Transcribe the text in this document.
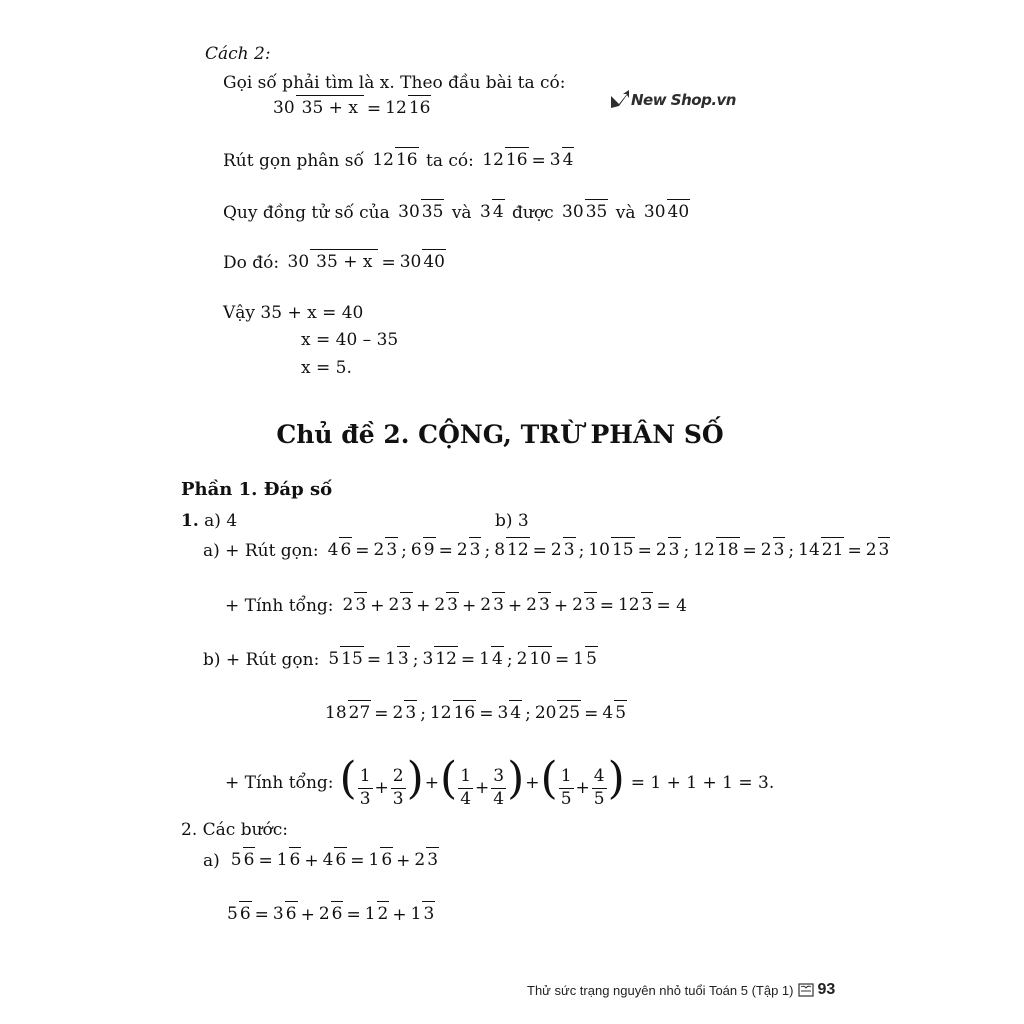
New Shop.vn
Cách 2:
Gọi số phải tìm là x. Theo đầu bài ta có:
30 35 + x = 12 16
Rút gọn phân số
12 16
ta có:
12 16 = 3 4
Quy đồng tử số của
30 35
và
3 4
được
30 35
và
30 40
Do đó:
30 35 + x = 30 40
Vậy 35 + x = 40
x = 40 – 35
x = 5.
Chủ đề 2. CỘNG, TRỪ PHÂN SỐ
Phần 1. Đáp số
1. a) 4	b) 3
a) + Rút gọn: 4 6 = 2 3 ; 6 9 = 2 3 ; 8 12 = 2 3 ; 10 15 = 2 3 ; 12 18 = 2 3 ; 14 21 = 2 3
+ Tính tổng: 2 3 + 2 3 + 2 3 + 2 3 + 2 3 + 2 3 = 12 3 = 4
b) + Rút gọn: 5 15 = 1 3 ; 3 12 = 1 4 ; 2 10 = 1 5
18 27 = 2 3 ; 12 16 = 3 4 ; 20 25 = 4 5
+ Tính tổng: ( $\frac{1}{3} + \frac{2}{3}$ ) + ( $\frac{1}{4} + \frac{3}{4}$ ) + ( $\frac{1}{5} + \frac{4}{5}$ ) = 1 + 1 + 1 = 3.
2. Các bước:
a) 5 6 = 1 6 + 4 6 = 1 6 + 2 3
5 6 = 3 6 + 2 6 = 1 2 + 1 3
Thử sức trạng nguyên nhỏ tuổi Toán 5 (Tập 1) 93
